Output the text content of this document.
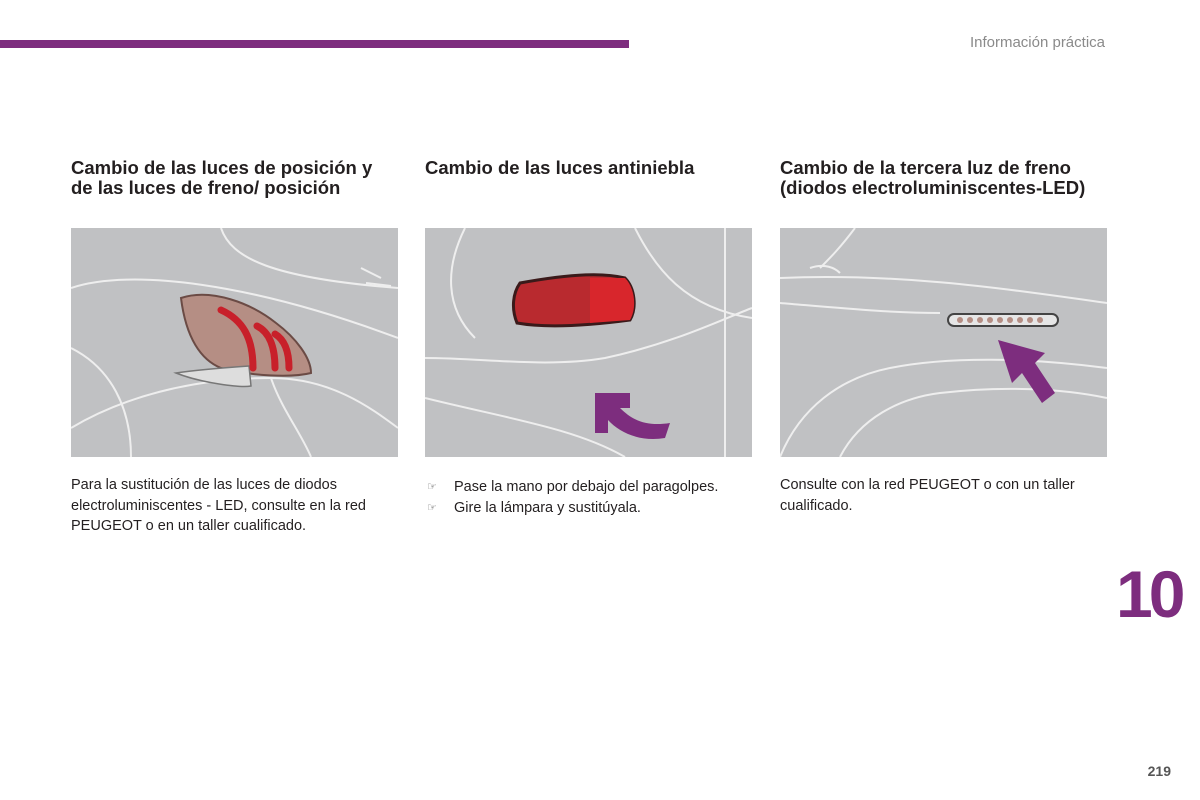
Información práctica
Cambio de las luces de posición y de las luces de freno/ posición

Para la sustitución de las luces de diodos electroluminiscentes - LED, consulte en la red PEUGEOT o en un taller cualificado.

Cambio de las luces antiniebla
☞ Pase la mano por debajo del paragolpes.
☞ Gire la lámpara y sustitúyala.
Cambio de la tercera luz de freno (diodos electroluminiscentes-LED)

Consulte con la red PEUGEOT o con un taller cualificado.

10
219
